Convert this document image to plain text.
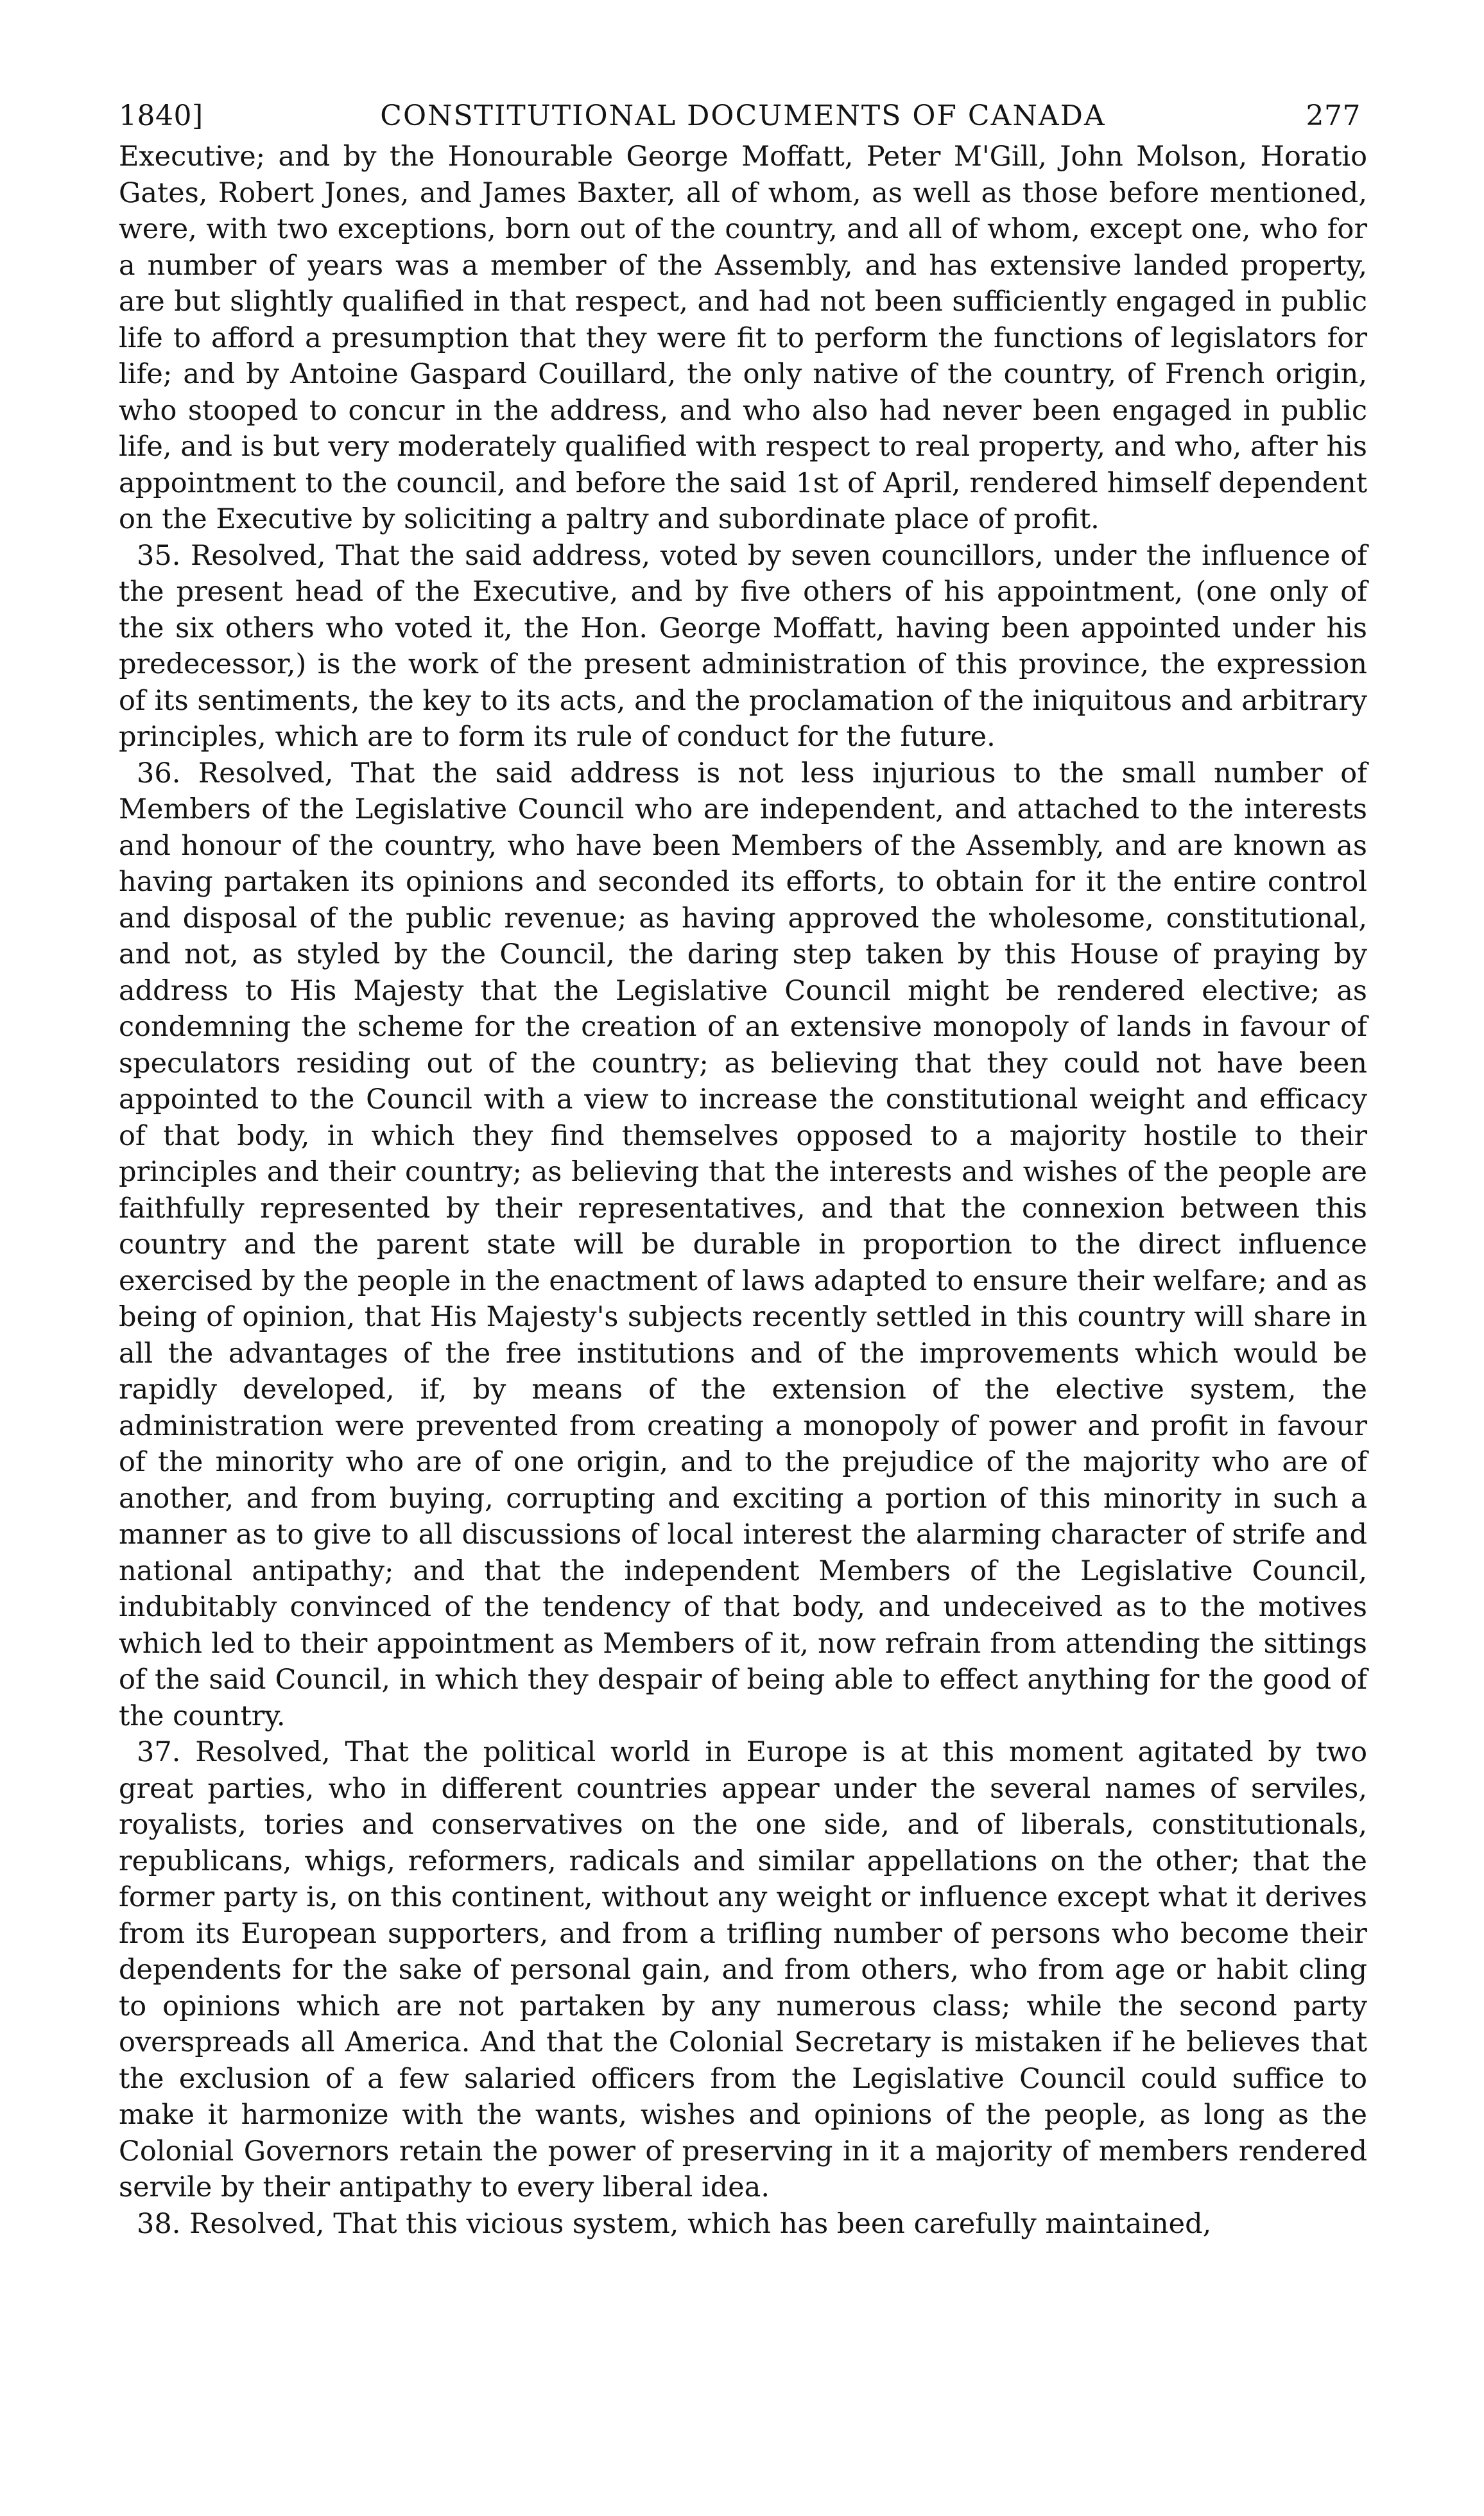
1840]	CONSTITUTIONAL DOCUMENTS OF CANADA	277

Executive; and by the Honourable George Moffatt, Peter M'Gill, John Molson, Horatio Gates, Robert Jones, and James Baxter, all of whom, as well as those before mentioned, were, with two exceptions, born out of the country, and all of whom, except one, who for a number of years was a member of the Assembly, and has extensive landed property, are but slightly qualified in that respect, and had not been sufficiently engaged in public life to afford a presumption that they were fit to perform the functions of legislators for life; and by Antoine Gaspard Couillard, the only native of the country, of French origin, who stooped to concur in the address, and who also had never been engaged in public life, and is but very moderately qualified with respect to real property, and who, after his appointment to the council, and before the said 1st of April, rendered himself dependent on the Executive by soliciting a paltry and subordinate place of profit.

35. Resolved, That the said address, voted by seven councillors, under the influence of the present head of the Executive, and by five others of his appointment, (one only of the six others who voted it, the Hon. George Moffatt, having been appointed under his predecessor,) is the work of the present administration of this province, the expression of its sentiments, the key to its acts, and the proclamation of the iniquitous and arbitrary principles, which are to form its rule of conduct for the future.

36. Resolved, That the said address is not less injurious to the small number of Members of the Legislative Council who are independent, and attached to the interests and honour of the country, who have been Members of the Assembly, and are known as having partaken its opinions and seconded its efforts, to obtain for it the entire control and disposal of the public revenue; as having approved the wholesome, constitutional, and not, as styled by the Council, the daring step taken by this House of praying by address to His Majesty that the Legislative Council might be rendered elective; as condemning the scheme for the creation of an extensive monopoly of lands in favour of speculators residing out of the country; as believing that they could not have been appointed to the Council with a view to increase the constitutional weight and efficacy of that body, in which they find themselves opposed to a majority hostile to their principles and their country; as believing that the interests and wishes of the people are faithfully represented by their representatives, and that the connexion between this country and the parent state will be durable in proportion to the direct influence exercised by the people in the enactment of laws adapted to ensure their welfare; and as being of opinion, that His Majesty's subjects recently settled in this country will share in all the advantages of the free institutions and of the improvements which would be rapidly developed, if, by means of the extension of the elective system, the administration were prevented from creating a monopoly of power and profit in favour of the minority who are of one origin, and to the prejudice of the majority who are of another, and from buying, corrupting and exciting a portion of this minority in such a manner as to give to all discussions of local interest the alarming character of strife and national antipathy; and that the independent Members of the Legislative Council, indubitably convinced of the tendency of that body, and undeceived as to the motives which led to their appointment as Members of it, now refrain from attending the sittings of the said Council, in which they despair of being able to effect anything for the good of the country.

37. Resolved, That the political world in Europe is at this moment agitated by two great parties, who in different countries appear under the several names of serviles, royalists, tories and conservatives on the one side, and of liberals, constitutionals, republicans, whigs, reformers, radicals and similar appellations on the other; that the former party is, on this continent, without any weight or influence except what it derives from its European supporters, and from a trifling number of persons who become their dependents for the sake of personal gain, and from others, who from age or habit cling to opinions which are not partaken by any numerous class; while the second party overspreads all America. And that the Colonial Secretary is mistaken if he believes that the exclusion of a few salaried officers from the Legislative Council could suffice to make it harmonize with the wants, wishes and opinions of the people, as long as the Colonial Governors retain the power of preserving in it a majority of members rendered servile by their antipathy to every liberal idea.

38. Resolved, That this vicious system, which has been carefully maintained,
